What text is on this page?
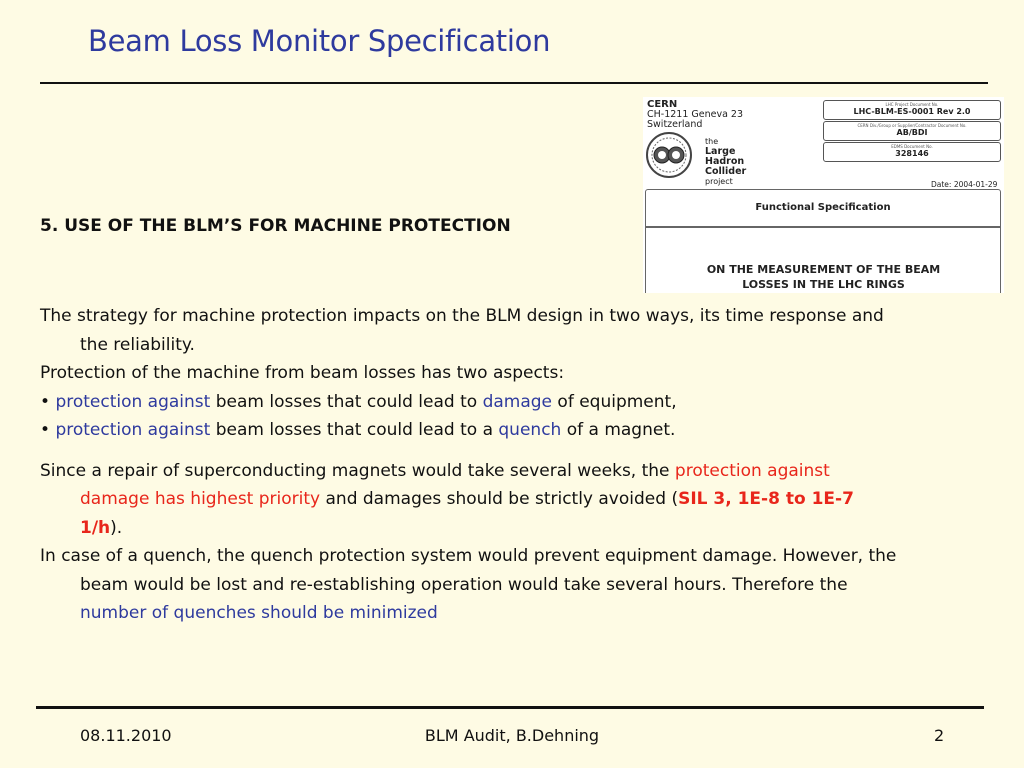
Beam Loss Monitor Specification
CERN
CH-1211 Geneva 23
Switzerland
the
Large
Hadron
Collider
project
LHC Project Document No.
LHC-BLM-ES-0001 Rev 2.0
CERN Div./Group or Supplier/Contractor Document No.
AB/BDI
EDMS Document No.
328146
Date: 2004-01-29
Functional Specification
ON THE MEASUREMENT OF THE BEAM
LOSSES IN THE LHC RINGS
5. USE OF THE BLM’S FOR MACHINE PROTECTION

The strategy for machine protection impacts on the BLM design in two ways, its time response and the reliability.

Protection of the machine from beam losses has two aspects:

• protection against beam losses that could lead to damage of equipment,

• protection against beam losses that could lead to a quench of a magnet.

Since a repair of superconducting magnets would take several weeks, the protection against damage has highest priority and damages should be strictly avoided (SIL 3, 1E-8 to 1E-7 1/h).

In case of a quench, the quench protection system would prevent equipment damage. However, the beam would be lost and re-establishing operation would take several hours. Therefore the number of quenches should be minimized

08.11.2010	BLM Audit, B.Dehning	2
